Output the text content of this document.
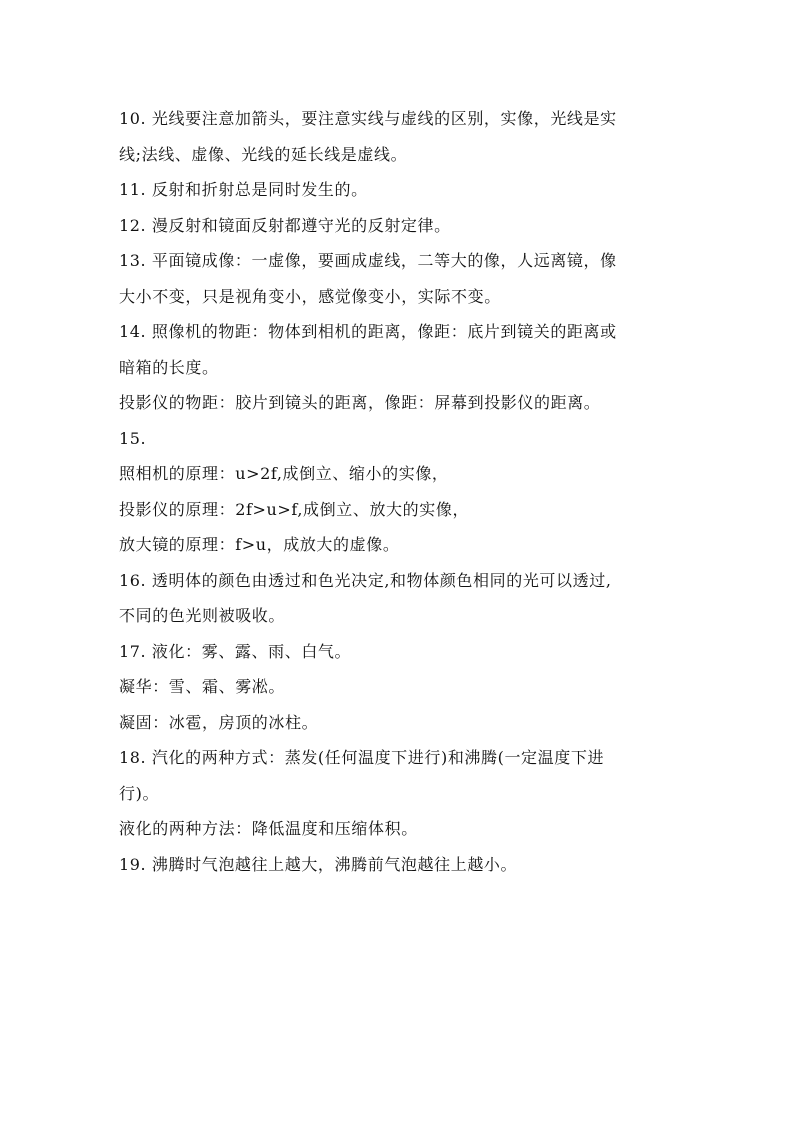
10. 光线要注意加箭头，要注意实线与虚线的区别，实像，光线是实
线;法线、虚像、光线的延长线是虚线。
11. 反射和折射总是同时发生的。
12. 漫反射和镜面反射都遵守光的反射定律。
13. 平面镜成像：一虚像，要画成虚线，二等大的像，人远离镜，像
大小不变，只是视角变小，感觉像变小，实际不变。
14. 照像机的物距：物体到相机的距离，像距：底片到镜关的距离或
暗箱的长度。
投影仪的物距：胶片到镜头的距离，像距：屏幕到投影仪的距离。
15.
照相机的原理：u>2f,成倒立、缩小的实像，
投影仪的原理：2f>u>f,成倒立、放大的实像，
放大镜的原理：f>u，成放大的虚像。
16. 透明体的颜色由透过和色光决定,和物体颜色相同的光可以透过,
不同的色光则被吸收。
17. 液化：雾、露、雨、白气。
凝华：雪、霜、雾凇。
凝固：冰雹，房顶的冰柱。
18. 汽化的两种方式：蒸发(任何温度下进行)和沸腾(一定温度下进
行)。
液化的两种方法：降低温度和压缩体积。
19. 沸腾时气泡越往上越大，沸腾前气泡越往上越小。
